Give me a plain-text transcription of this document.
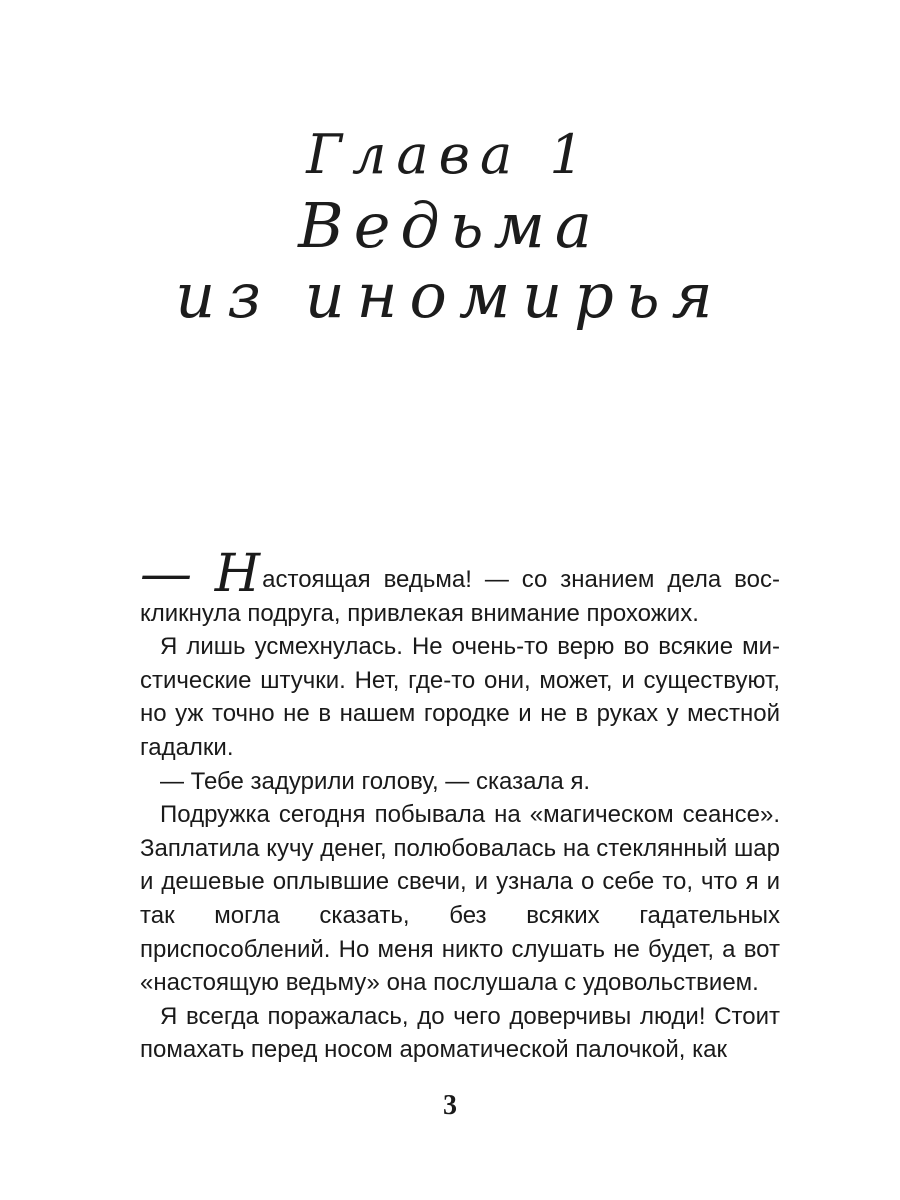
Глава 1
Ведьма
из иномирья

— Настоящая ведьма! — со знанием дела воскликнула подруга, привлекая внимание прохожих.

Я лишь усмехнулась. Не очень-то верю во всякие мистические штучки. Нет, где-то они, может, и существуют, но уж точно не в нашем городке и не в руках у местной гадалки.

— Тебе задурили голову, — сказала я.

Подружка сегодня побывала на «магическом сеансе». Заплатила кучу денег, полюбовалась на стеклянный шар и дешевые оплывшие свечи, и узнала о себе то, что я и так могла сказать, без всяких гадательных приспособлений. Но меня никто слушать не будет, а вот «настоящую ведьму» она послушала с удовольствием.

Я всегда поражалась, до чего доверчивы люди! Стоит помахать перед носом ароматической палочкой, как

3
